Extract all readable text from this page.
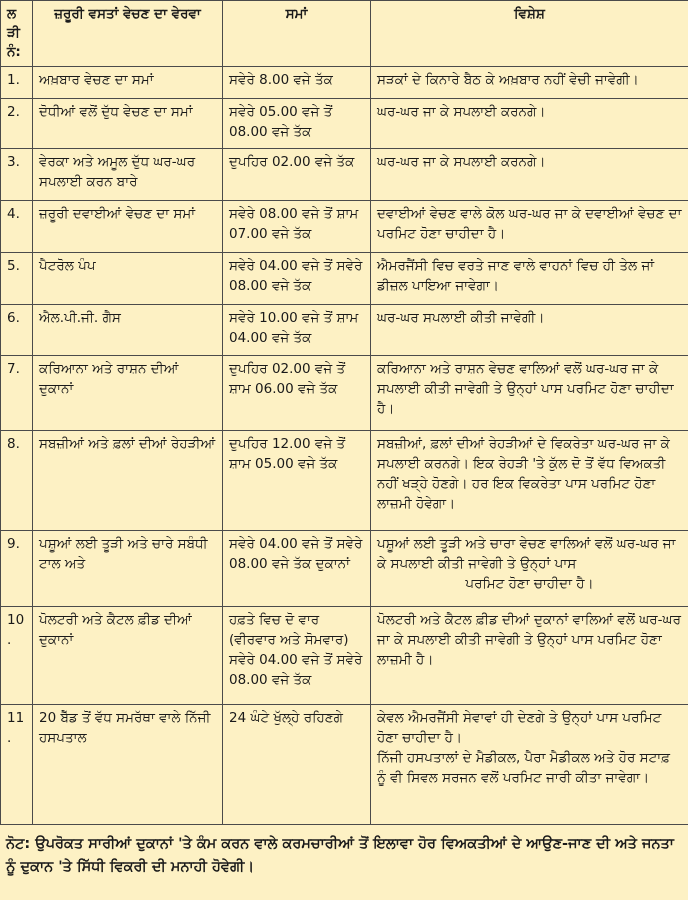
ਲੜੀ ਨੰ:	ਜ਼ਰੂਰੀ ਵਸਤਾਂ ਵੇਚਣ ਦਾ ਵੇਰਵਾ	ਸਮਾਂ	ਵਿਸ਼ੇਸ਼
1.	ਅਖ਼ਬਾਰ ਵੇਚਣ ਦਾ ਸਮਾਂ	ਸਵੇਰੇ 8.00 ਵਜੇ ਤੱਕ	ਸੜਕਾਂ ਦੇ ਕਿਨਾਰੇ ਬੈਠ ਕੇ ਅਖ਼ਬਾਰ ਨਹੀਂ ਵੇਚੀ ਜਾਵੇਗੀ।
2.	ਦੋਧੀਆਂ ਵਲੋਂ ਦੁੱਧ ਵੇਚਣ ਦਾ ਸਮਾਂ	ਸਵੇਰੇ 05.00 ਵਜੇ ਤੋਂ 08.00 ਵਜੇ ਤੱਕ	ਘਰ-ਘਰ ਜਾ ਕੇ ਸਪਲਾਈ ਕਰਨਗੇ।
3.	ਵੇਰਕਾ ਅਤੇ ਅਮੂਲ ਦੁੱਧ ਘਰ-ਘਰ ਸਪਲਾਈ ਕਰਨ ਬਾਰੇ	ਦੁਪਹਿਰ 02.00 ਵਜੇ ਤੱਕ	ਘਰ-ਘਰ ਜਾ ਕੇ ਸਪਲਾਈ ਕਰਨਗੇ।
4.	ਜ਼ਰੂਰੀ ਦਵਾਈਆਂ ਵੇਚਣ ਦਾ ਸਮਾਂ	ਸਵੇਰੇ 08.00 ਵਜੇ ਤੋਂ ਸ਼ਾਮ 07.00 ਵਜੇ ਤੱਕ	ਦਵਾਈਆਂ ਵੇਚਣ ਵਾਲੇ ਕੋਲ ਘਰ-ਘਰ ਜਾ ਕੇ ਦਵਾਈਆਂ ਵੇਚਣ ਦਾ ਪਰਮਿਟ ਹੋਣਾ ਚਾਹੀਦਾ ਹੈ।
5.	ਪੈਟਰੋਲ ਪੰਪ	ਸਵੇਰੇ 04.00 ਵਜੇ ਤੋਂ ਸਵੇਰੇ 08.00 ਵਜੇ ਤੱਕ	ਐਮਰਜੈਂਸੀ ਵਿਚ ਵਰਤੇ ਜਾਣ ਵਾਲੇ ਵਾਹਨਾਂ ਵਿਚ ਹੀ ਤੇਲ ਜਾਂ ਡੀਜ਼ਲ ਪਾਇਆ ਜਾਵੇਗਾ।
6.	ਐਲ.ਪੀ.ਜੀ. ਗੈਸ	ਸਵੇਰੇ 10.00 ਵਜੇ ਤੋਂ ਸ਼ਾਮ 04.00 ਵਜੇ ਤੱਕ	ਘਰ-ਘਰ ਸਪਲਾਈ ਕੀਤੀ ਜਾਵੇਗੀ।
7.	ਕਰਿਆਨਾ ਅਤੇ ਰਾਸ਼ਨ ਦੀਆਂ ਦੁਕਾਨਾਂ	ਦੁਪਹਿਰ 02.00 ਵਜੇ ਤੋਂ ਸ਼ਾਮ 06.00 ਵਜੇ ਤੱਕ	ਕਰਿਆਨਾ ਅਤੇ ਰਾਸ਼ਨ ਵੇਚਣ ਵਾਲਿਆਂ ਵਲੋਂ ਘਰ-ਘਰ ਜਾ ਕੇ ਸਪਲਾਈ ਕੀਤੀ ਜਾਵੇਗੀ ਤੇ ਉਨ੍ਹਾਂ ਪਾਸ ਪਰਮਿਟ ਹੋਣਾ ਚਾਹੀਦਾ ਹੈ।
8.	ਸਬਜ਼ੀਆਂ ਅਤੇ ਫ਼ਲਾਂ ਦੀਆਂ ਰੇਹੜੀਆਂ	ਦੁਪਹਿਰ 12.00 ਵਜੇ ਤੋਂ ਸ਼ਾਮ 05.00 ਵਜੇ ਤੱਕ	ਸਬਜ਼ੀਆਂ, ਫ਼ਲਾਂ ਦੀਆਂ ਰੇਹੜੀਆਂ ਦੇ ਵਿਕਰੇਤਾ ਘਰ-ਘਰ ਜਾ ਕੇ ਸਪਲਾਈ ਕਰਨਗੇ। ਇਕ ਰੇਹੜੀ 'ਤੇ ਕੁੱਲ ਦੋ ਤੋਂ ਵੱਧ ਵਿਅਕਤੀ ਨਹੀਂ ਖੜ੍ਹੇ ਹੋਣਗੇ। ਹਰ ਇਕ ਵਿਕਰੇਤਾ ਪਾਸ ਪਰਮਿਟ ਹੋਣਾ ਲਾਜ਼ਮੀ ਹੋਵੇਗਾ।
9.	ਪਸ਼ੂਆਂ ਲਈ ਤੂੜੀ ਅਤੇ ਚਾਰੇ ਸਬੰਧੀ ਟਾਲ ਅਤੇ	ਸਵੇਰੇ 04.00 ਵਜੇ ਤੋਂ ਸਵੇਰੇ 08.00 ਵਜੇ ਤੱਕ ਦੁਕਾਨਾਂ	ਪਸ਼ੂਆਂ ਲਈ ਤੂੜੀ ਅਤੇ ਚਾਰਾ ਵੇਚਣ ਵਾਲਿਆਂ ਵਲੋਂ ਘਰ-ਘਰ ਜਾ ਕੇ ਸਪਲਾਈ ਕੀਤੀ ਜਾਵੇਗੀ ਤੇ ਉਨ੍ਹਾਂ ਪਾਸ
ਪਰਮਿਟ ਹੋਣਾ ਚਾਹੀਦਾ ਹੈ।

10.	ਪੋਲਟਰੀ ਅਤੇ ਕੈਟਲ ਫ਼ੀਡ ਦੀਆਂ ਦੁਕਾਨਾਂ	ਹਫ਼ਤੇ ਵਿਚ ਦੋ ਵਾਰ (ਵੀਰਵਾਰ ਅਤੇ ਸੋਮਵਾਰ) ਸਵੇਰੇ 04.00 ਵਜੇ ਤੋਂ ਸਵੇਰੇ 08.00 ਵਜੇ ਤੱਕ	ਪੋਲਟਰੀ ਅਤੇ ਕੈਟਲ ਫ਼ੀਡ ਦੀਆਂ ਦੁਕਾਨਾਂ ਵਾਲਿਆਂ ਵਲੋਂ ਘਰ-ਘਰ ਜਾ ਕੇ ਸਪਲਾਈ ਕੀਤੀ ਜਾਵੇਗੀ ਤੇ ਉਨ੍ਹਾਂ ਪਾਸ ਪਰਮਿਟ ਹੋਣਾ ਲਾਜ਼ਮੀ ਹੈ।
11.	20 ਬੈੱਡ ਤੋਂ ਵੱਧ ਸਮਰੱਥਾ ਵਾਲੇ ਨਿੱਜੀ ਹਸਪਤਾਲ	24 ਘੰਟੇ ਖੁੱਲ੍ਹੇ ਰਹਿਣਗੇ	ਕੇਵਲ ਐਮਰਜੈਂਸੀ ਸੇਵਾਵਾਂ ਹੀ ਦੇਣਗੇ ਤੇ ਉਨ੍ਹਾਂ ਪਾਸ ਪਰਮਿਟ ਹੋਣਾ ਚਾਹੀਦਾ ਹੈ।
ਨਿੱਜੀ ਹਸਪਤਾਲਾਂ ਦੇ ਮੈਡੀਕਲ, ਪੈਰਾ ਮੈਡੀਕਲ ਅਤੇ ਹੋਰ ਸਟਾਫ਼ ਨੂੰ ਵੀ ਸਿਵਲ ਸਰਜਨ ਵਲੋਂ ਪਰਮਿਟ ਜਾਰੀ ਕੀਤਾ ਜਾਵੇਗਾ।
ਨੋਟ: ਉਪਰੋਕਤ ਸਾਰੀਆਂ ਦੁਕਾਨਾਂ 'ਤੇ ਕੰਮ ਕਰਨ ਵਾਲੇ ਕਰਮਚਾਰੀਆਂ ਤੋਂ ਇਲਾਵਾ ਹੋਰ ਵਿਅਕਤੀਆਂ ਦੇ ਆਉਣ-ਜਾਣ ਦੀ ਅਤੇ ਜਨਤਾ ਨੂੰ ਦੁਕਾਨ 'ਤੇ ਸਿੱਧੀ ਵਿਕਰੀ ਦੀ ਮਨਾਹੀ ਹੋਵੇਗੀ।
